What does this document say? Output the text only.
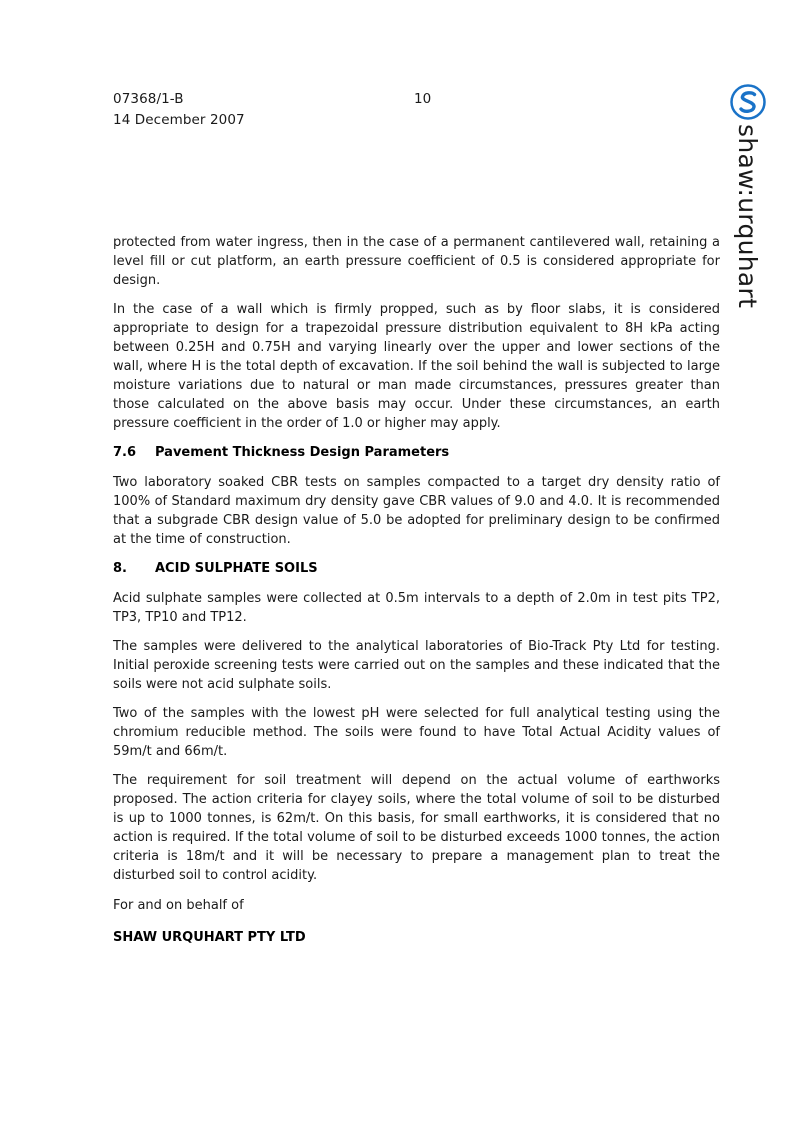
07368/1-B
14 December 2007
10
shaw:urquhart

protected from water ingress, then in the case of a permanent cantilevered wall, retaining a level fill or cut platform, an earth pressure coefficient of 0.5 is considered appropriate for design.

In the case of a wall which is firmly propped, such as by floor slabs, it is considered appropriate to design for a trapezoidal pressure distribution equivalent to 8H kPa acting between 0.25H and 0.75H and varying linearly over the upper and lower sections of the wall, where H is the total depth of excavation. If the soil behind the wall is subjected to large moisture variations due to natural or man made circumstances, pressures greater than those calculated on the above basis may occur. Under these circumstances, an earth pressure coefficient in the order of 1.0 or higher may apply.

7.6 Pavement Thickness Design Parameters

Two laboratory soaked CBR tests on samples compacted to a target dry density ratio of 100% of Standard maximum dry density gave CBR values of 9.0 and 4.0. It is recommended that a subgrade CBR design value of 5.0 be adopted for preliminary design to be confirmed at the time of construction.

8. ACID SULPHATE SOILS

Acid sulphate samples were collected at 0.5m intervals to a depth of 2.0m in test pits TP2, TP3, TP10 and TP12.

The samples were delivered to the analytical laboratories of Bio-Track Pty Ltd for testing. Initial peroxide screening tests were carried out on the samples and these indicated that the soils were not acid sulphate soils.

Two of the samples with the lowest pH were selected for full analytical testing using the chromium reducible method. The soils were found to have Total Actual Acidity values of 59m/t and 66m/t.

The requirement for soil treatment will depend on the actual volume of earthworks proposed. The action criteria for clayey soils, where the total volume of soil to be disturbed is up to 1000 tonnes, is 62m/t. On this basis, for small earthworks, it is considered that no action is required. If the total volume of soil to be disturbed exceeds 1000 tonnes, the action criteria is 18m/t and it will be necessary to prepare a management plan to treat the disturbed soil to control acidity.

For and on behalf of
SHAW URQUHART PTY LTD
